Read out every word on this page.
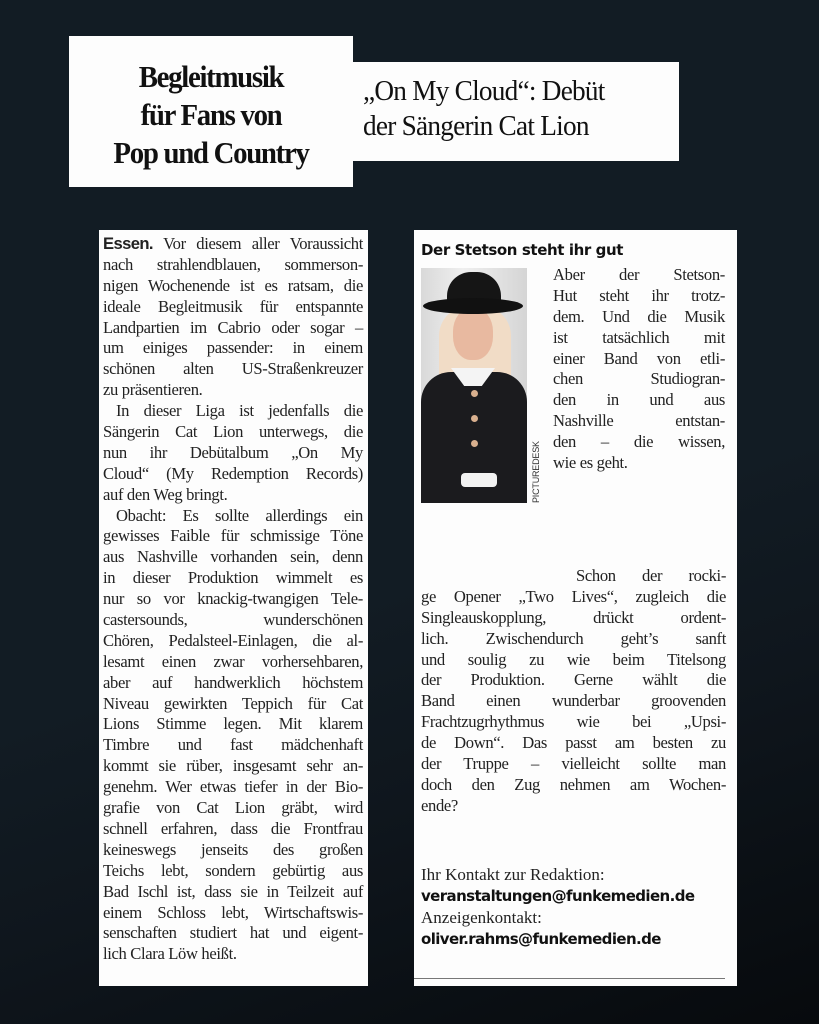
Begleitmusik
für Fans von
Pop und Country
„On My Cloud“: Debüt
der Sängerin Cat Lion
Essen. Vor diesem aller Voraussicht
nach strahlendblauen, sommerson-
nigen Wochenende ist es ratsam, die
ideale Begleitmusik für entspannte
Landpartien im Cabrio oder sogar –
um einiges passender: in einem
schönen alten US-Straßenkreuzer
zu präsentieren.
In dieser Liga ist jedenfalls die
Sängerin Cat Lion unterwegs, die
nun ihr Debütalbum „On My
Cloud“ (My Redemption Records)
auf den Weg bringt.
Obacht: Es sollte allerdings ein
gewisses Faible für schmissige Töne
aus Nashville vorhanden sein, denn
in dieser Produktion wimmelt es
nur so vor knackig-twangigen Tele-
castersounds, wunderschönen
Chören, Pedalsteel-Einlagen, die al-
lesamt einen zwar vorhersehbaren,
aber auf handwerklich höchstem
Niveau gewirkten Teppich für Cat
Lions Stimme legen. Mit klarem
Timbre und fast mädchenhaft
kommt sie rüber, insgesamt sehr an-
genehm. Wer etwas tiefer in der Bio-
grafie von Cat Lion gräbt, wird
schnell erfahren, dass die Frontfrau
keineswegs jenseits des großen
Teichs lebt, sondern gebürtig aus
Bad Ischl ist, dass sie in Teilzeit auf
einem Schloss lebt, Wirtschaftswis-
senschaften studiert hat und eigent-
lich Clara Löw heißt.
Der Stetson steht ihr gut
PICTUREDESK
Aber der Stetson-
Hut steht ihr trotz-
dem. Und die Musik
ist tatsächlich mit
einer Band von etli-
chen Studiogran-
den in und aus
Nashville entstan-
den – die wissen,
wie es geht.
Schon der rocki-
ge Opener „Two Lives“, zugleich die
Singleauskopplung, drückt ordent-
lich. Zwischendurch geht’s sanft
und soulig zu wie beim Titelsong
der Produktion. Gerne wählt die
Band einen wunderbar groovenden
Frachtzugrhythmus wie bei „Upsi-
de Down“. Das passt am besten zu
der Truppe – vielleicht sollte man
doch den Zug nehmen am Wochen-
ende?
Ihr Kontakt zur Redaktion:
veranstaltungen@funkemedien.de
Anzeigenkontakt:
oliver.rahms@funkemedien.de
